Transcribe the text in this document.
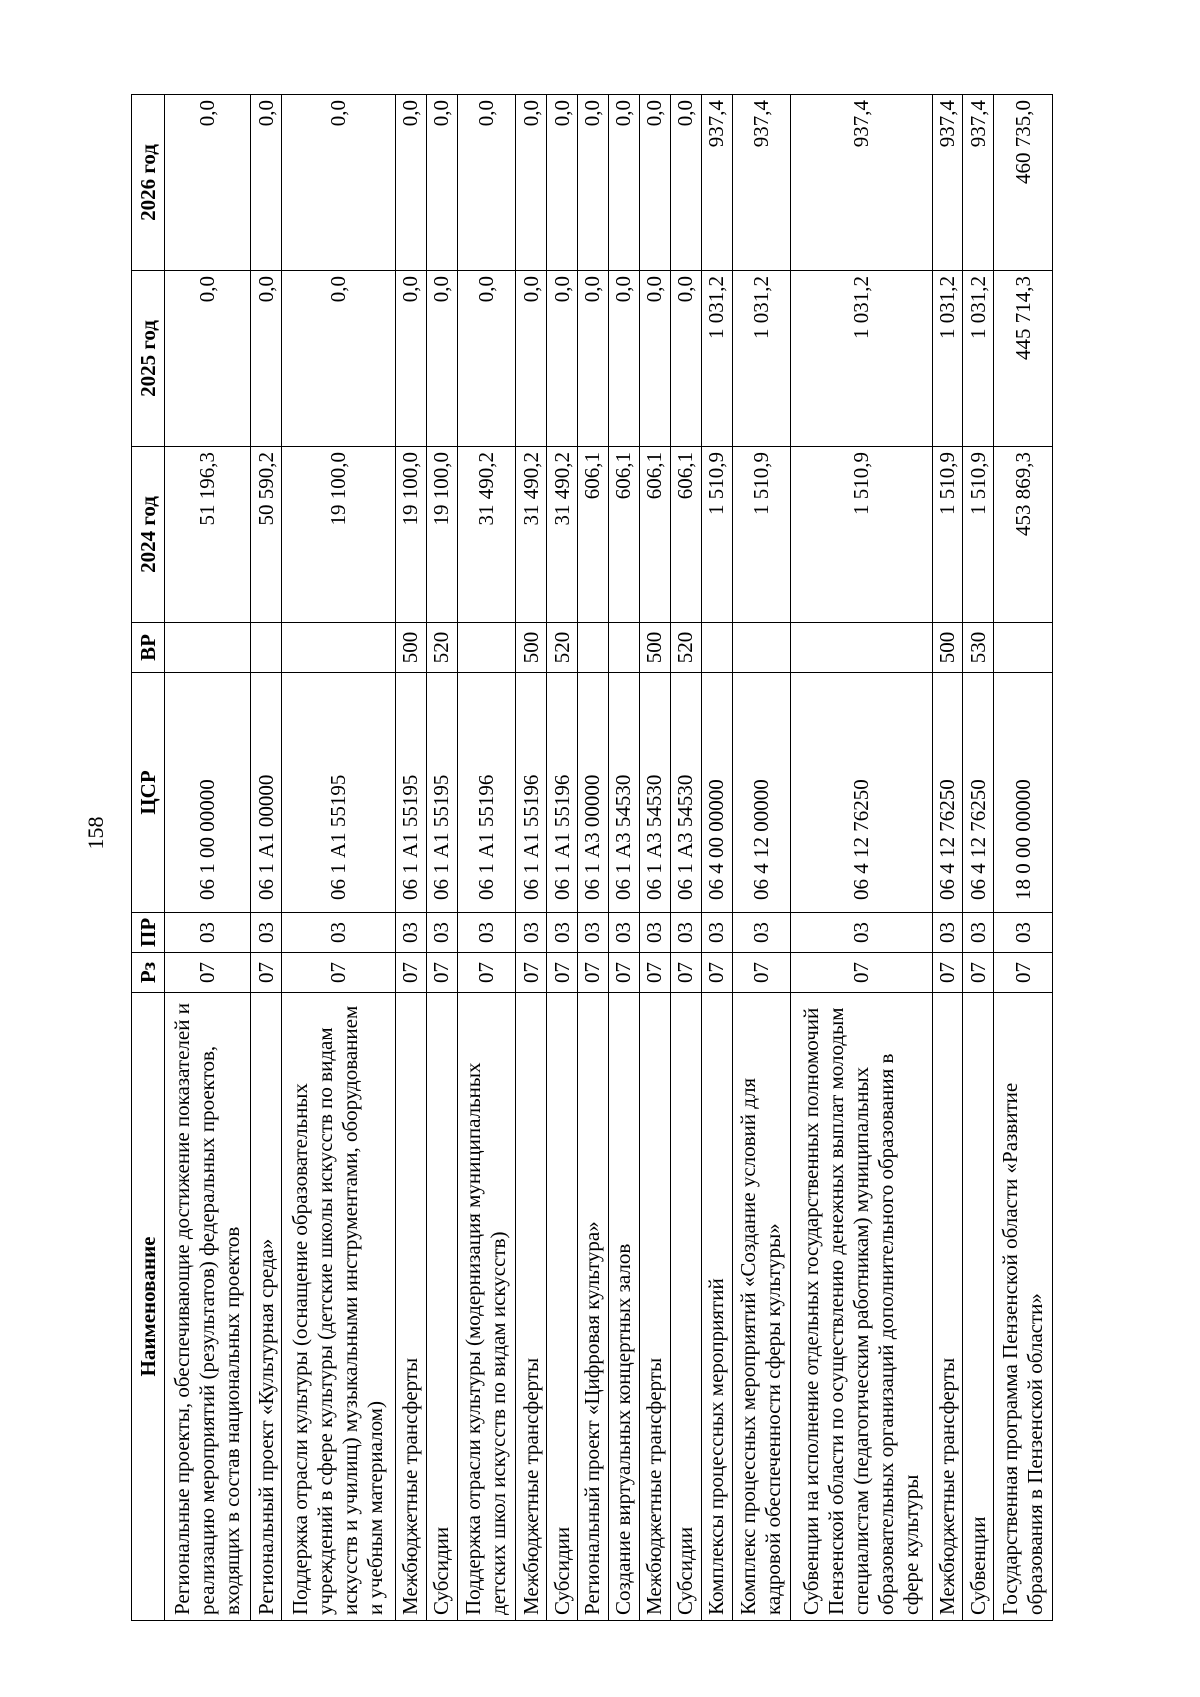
158
Наименование	Рз	ПР	ЦСР	ВР	2024 год	2025 год	2026 год
Региональные проекты, обеспечивающие достижение показателей и реализацию мероприятий (результатов) федеральных проектов, входящих в состав национальных проектов	07	03	06 1 00 00000		51 196,3	0,0	0,0
Региональный проект «Культурная среда»	07	03	06 1 А1 00000		50 590,2	0,0	0,0
Поддержка отрасли культуры (оснащение образовательных учреждений в сфере культуры (детские школы искусств по видам искусств и училищ) музыкальными инструментами, оборудованием и учебным материалом)	07	03	06 1 А1 55195		19 100,0	0,0	0,0
Межбюджетные трансферты	07	03	06 1 А1 55195	500	19 100,0	0,0	0,0
Субсидии	07	03	06 1 А1 55195	520	19 100,0	0,0	0,0
Поддержка отрасли культуры (модернизация муниципальных детских школ искусств по видам искусств)	07	03	06 1 А1 55196		31 490,2	0,0	0,0
Межбюджетные трансферты	07	03	06 1 А1 55196	500	31 490,2	0,0	0,0
Субсидии	07	03	06 1 А1 55196	520	31 490,2	0,0	0,0
Региональный проект «Цифровая культура»	07	03	06 1 А3 00000		606,1	0,0	0,0
Создание виртуальных концертных залов	07	03	06 1 А3 54530		606,1	0,0	0,0
Межбюджетные трансферты	07	03	06 1 А3 54530	500	606,1	0,0	0,0
Субсидии	07	03	06 1 А3 54530	520	606,1	0,0	0,0
Комплексы процессных мероприятий	07	03	06 4 00 00000		1 510,9	1 031,2	937,4
Комплекс процессных мероприятий «Создание условий для кадровой обеспеченности сферы культуры»	07	03	06 4 12 00000		1 510,9	1 031,2	937,4
Субвенции на исполнение отдельных государственных полномочий Пензенской области по осуществлению денежных выплат молодым специалистам (педагогическим работникам) муниципальных образовательных организаций дополнительного образования в сфере культуры	07	03	06 4 12 76250		1 510,9	1 031,2	937,4
Межбюджетные трансферты	07	03	06 4 12 76250	500	1 510,9	1 031,2	937,4
Субвенции	07	03	06 4 12 76250	530	1 510,9	1 031,2	937,4
Государственная программа Пензенской области «Развитие образования в Пензенской области»	07	03	18 0 00 00000		453 869,3	445 714,3	460 735,0
